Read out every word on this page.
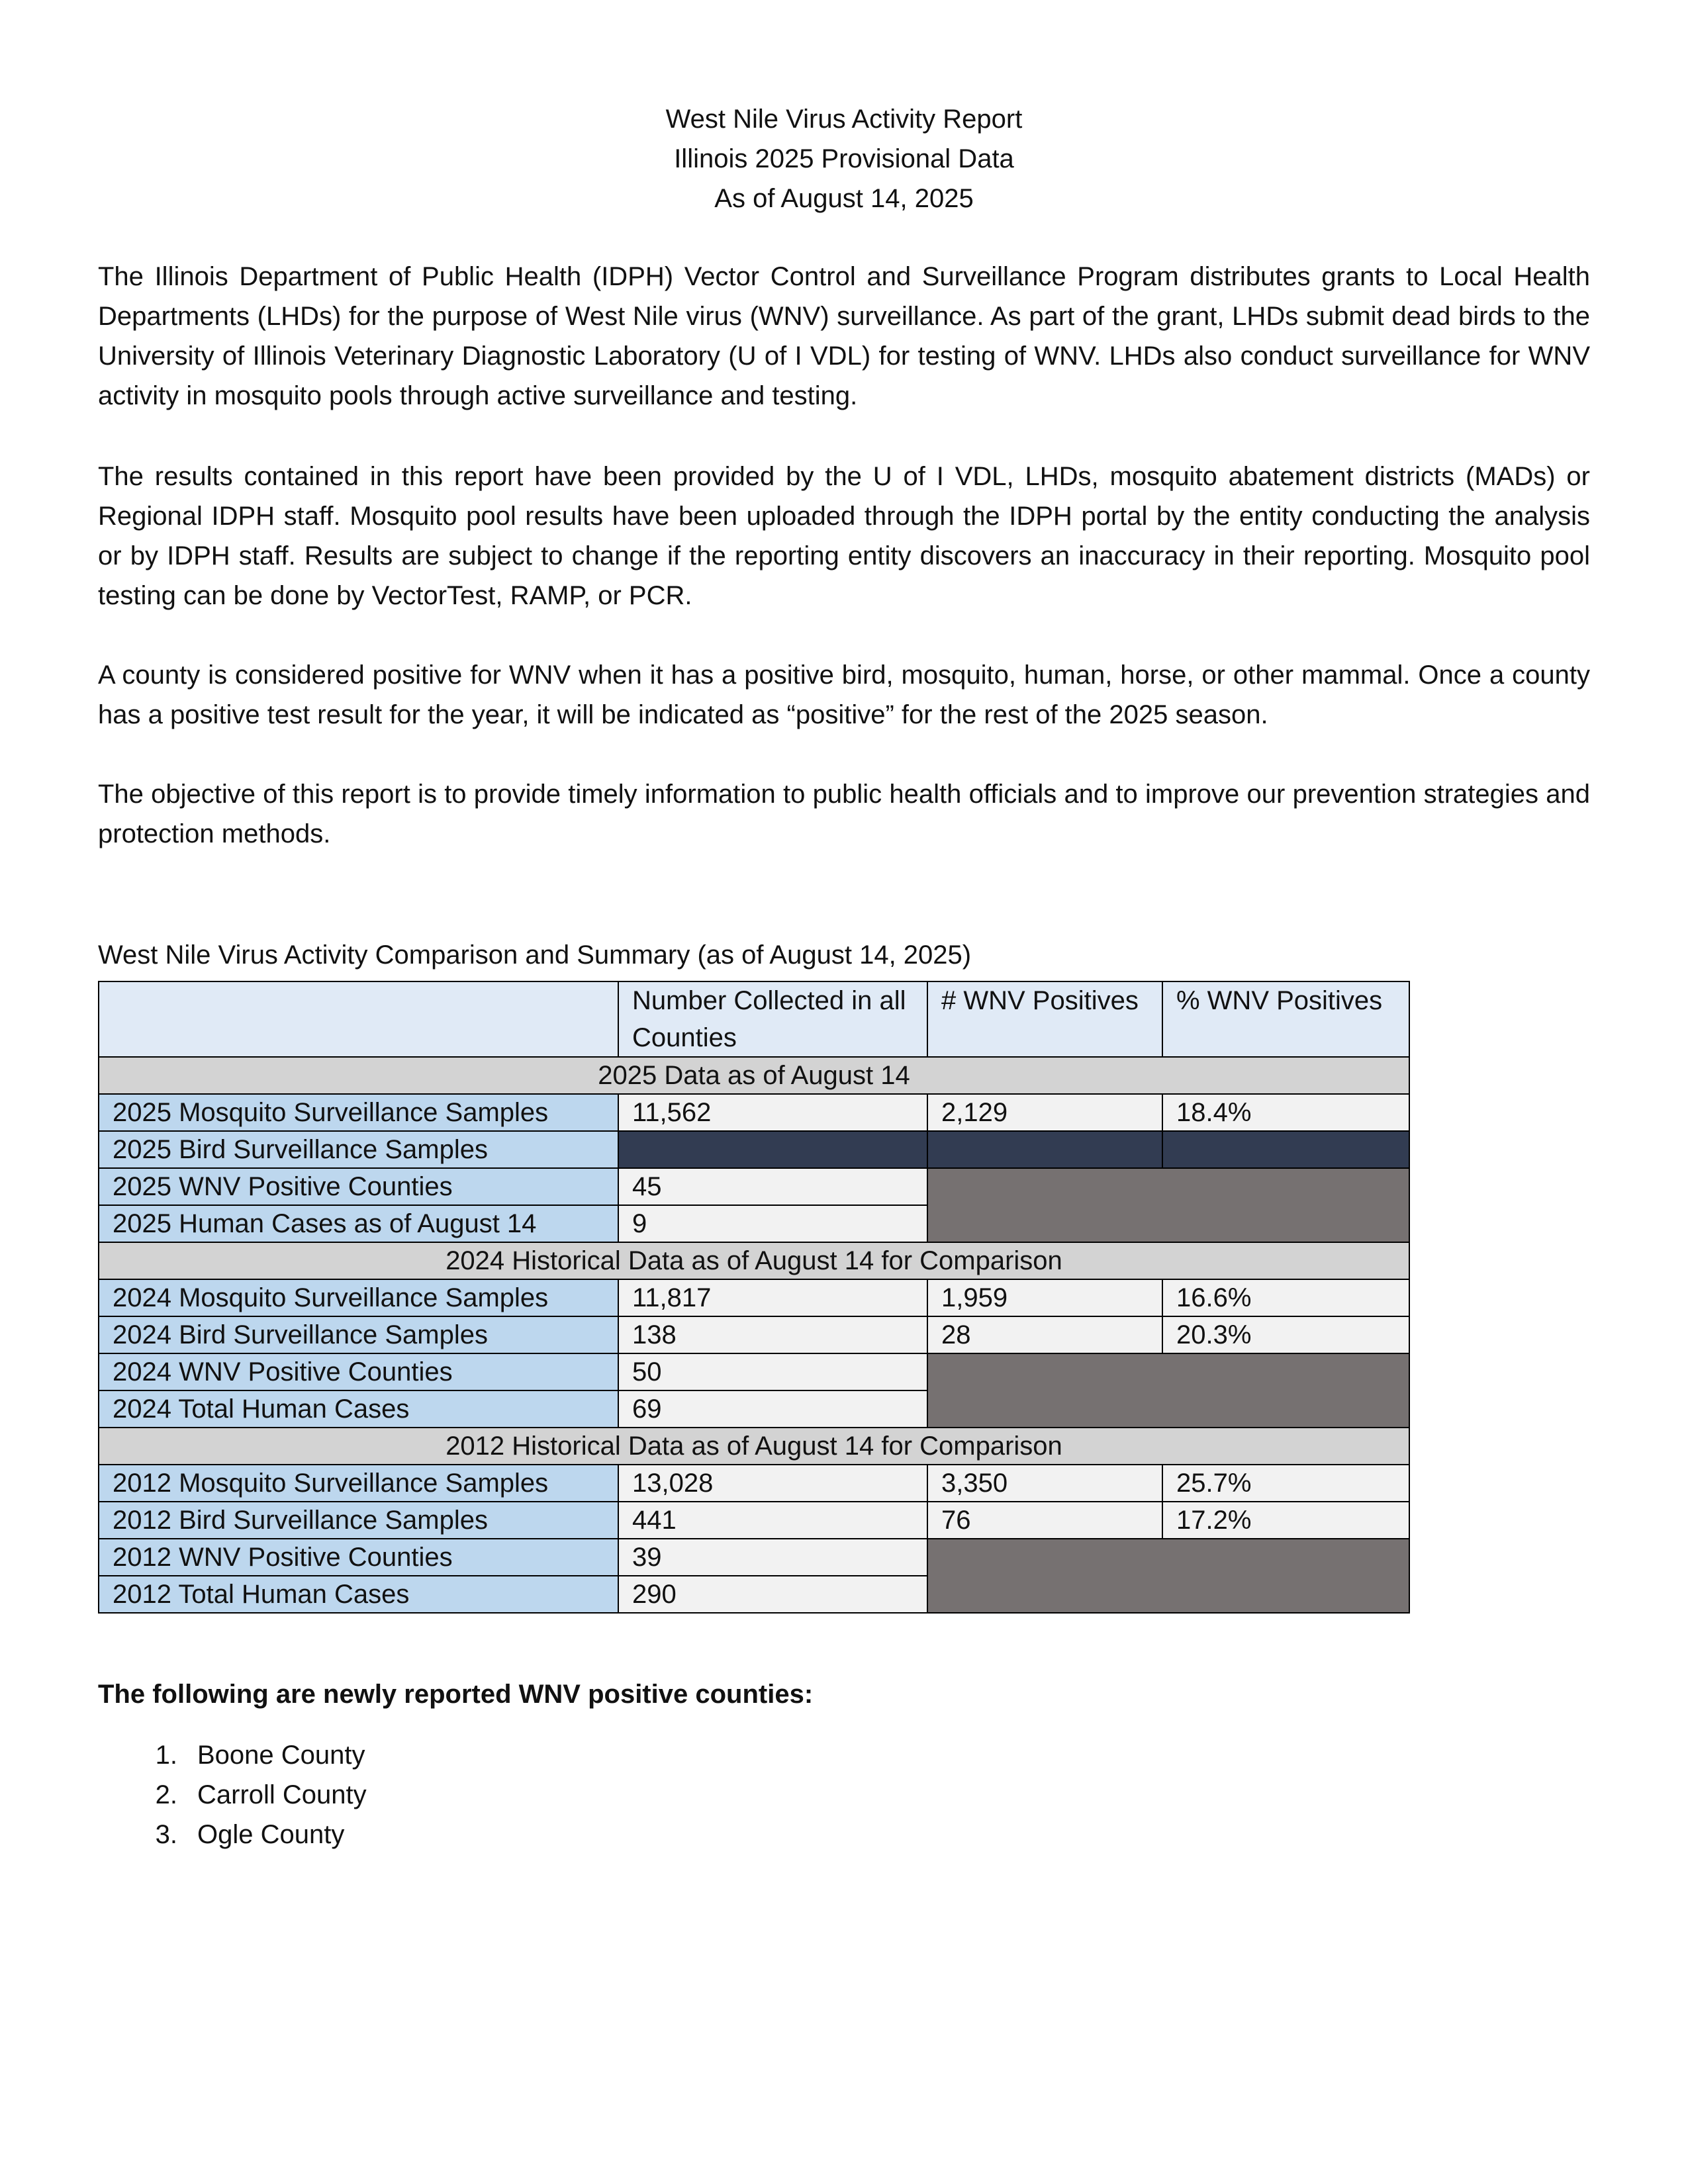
West Nile Virus Activity Report
Illinois 2025 Provisional Data
As of August 14, 2025

The Illinois Department of Public Health (IDPH) Vector Control and Surveillance Program distributes grants to Local Health Departments (LHDs) for the purpose of West Nile virus (WNV) surveillance. As part of the grant, LHDs submit dead birds to the University of Illinois Veterinary Diagnostic Laboratory (U of I VDL) for testing of WNV. LHDs also conduct surveillance for WNV activity in mosquito pools through active surveillance and testing.

The results contained in this report have been provided by the U of I VDL, LHDs, mosquito abatement districts (MADs) or Regional IDPH staff. Mosquito pool results have been uploaded through the IDPH portal by the entity conducting the analysis or by IDPH staff. Results are subject to change if the reporting entity discovers an inaccuracy in their reporting. Mosquito pool testing can be done by VectorTest, RAMP, or PCR.

A county is considered positive for WNV when it has a positive bird, mosquito, human, horse, or other mammal. Once a county has a positive test result for the year, it will be indicated as “positive” for the rest of the 2025 season.

The objective of this report is to provide timely information to public health officials and to improve our prevention strategies and protection methods.

West Nile Virus Activity Comparison and Summary (as of August 14, 2025)
	Number Collected in all Counties	# WNV Positives	% WNV Positives
2025 Data as of August 14			
2025 Mosquito Surveillance Samples	11,562	2,129	18.4%
2025 Bird Surveillance Samples			
2025 WNV Positive Counties	45		
2025 Human Cases as of August 14	9		
2024 Historical Data as of August 14 for Comparison			
2024 Mosquito Surveillance Samples	11,817	1,959	16.6%
2024 Bird Surveillance Samples	138	28	20.3%
2024 WNV Positive Counties	50		
2024 Total Human Cases	69		
2012 Historical Data as of August 14 for Comparison			
2012 Mosquito Surveillance Samples	13,028	3,350	25.7%
2012 Bird Surveillance Samples	441	76	17.2%
2012 WNV Positive Counties	39		
2012 Total Human Cases	290		
The following are newly reported WNV positive counties:
1. Boone County
2. Carroll County
3. Ogle County
